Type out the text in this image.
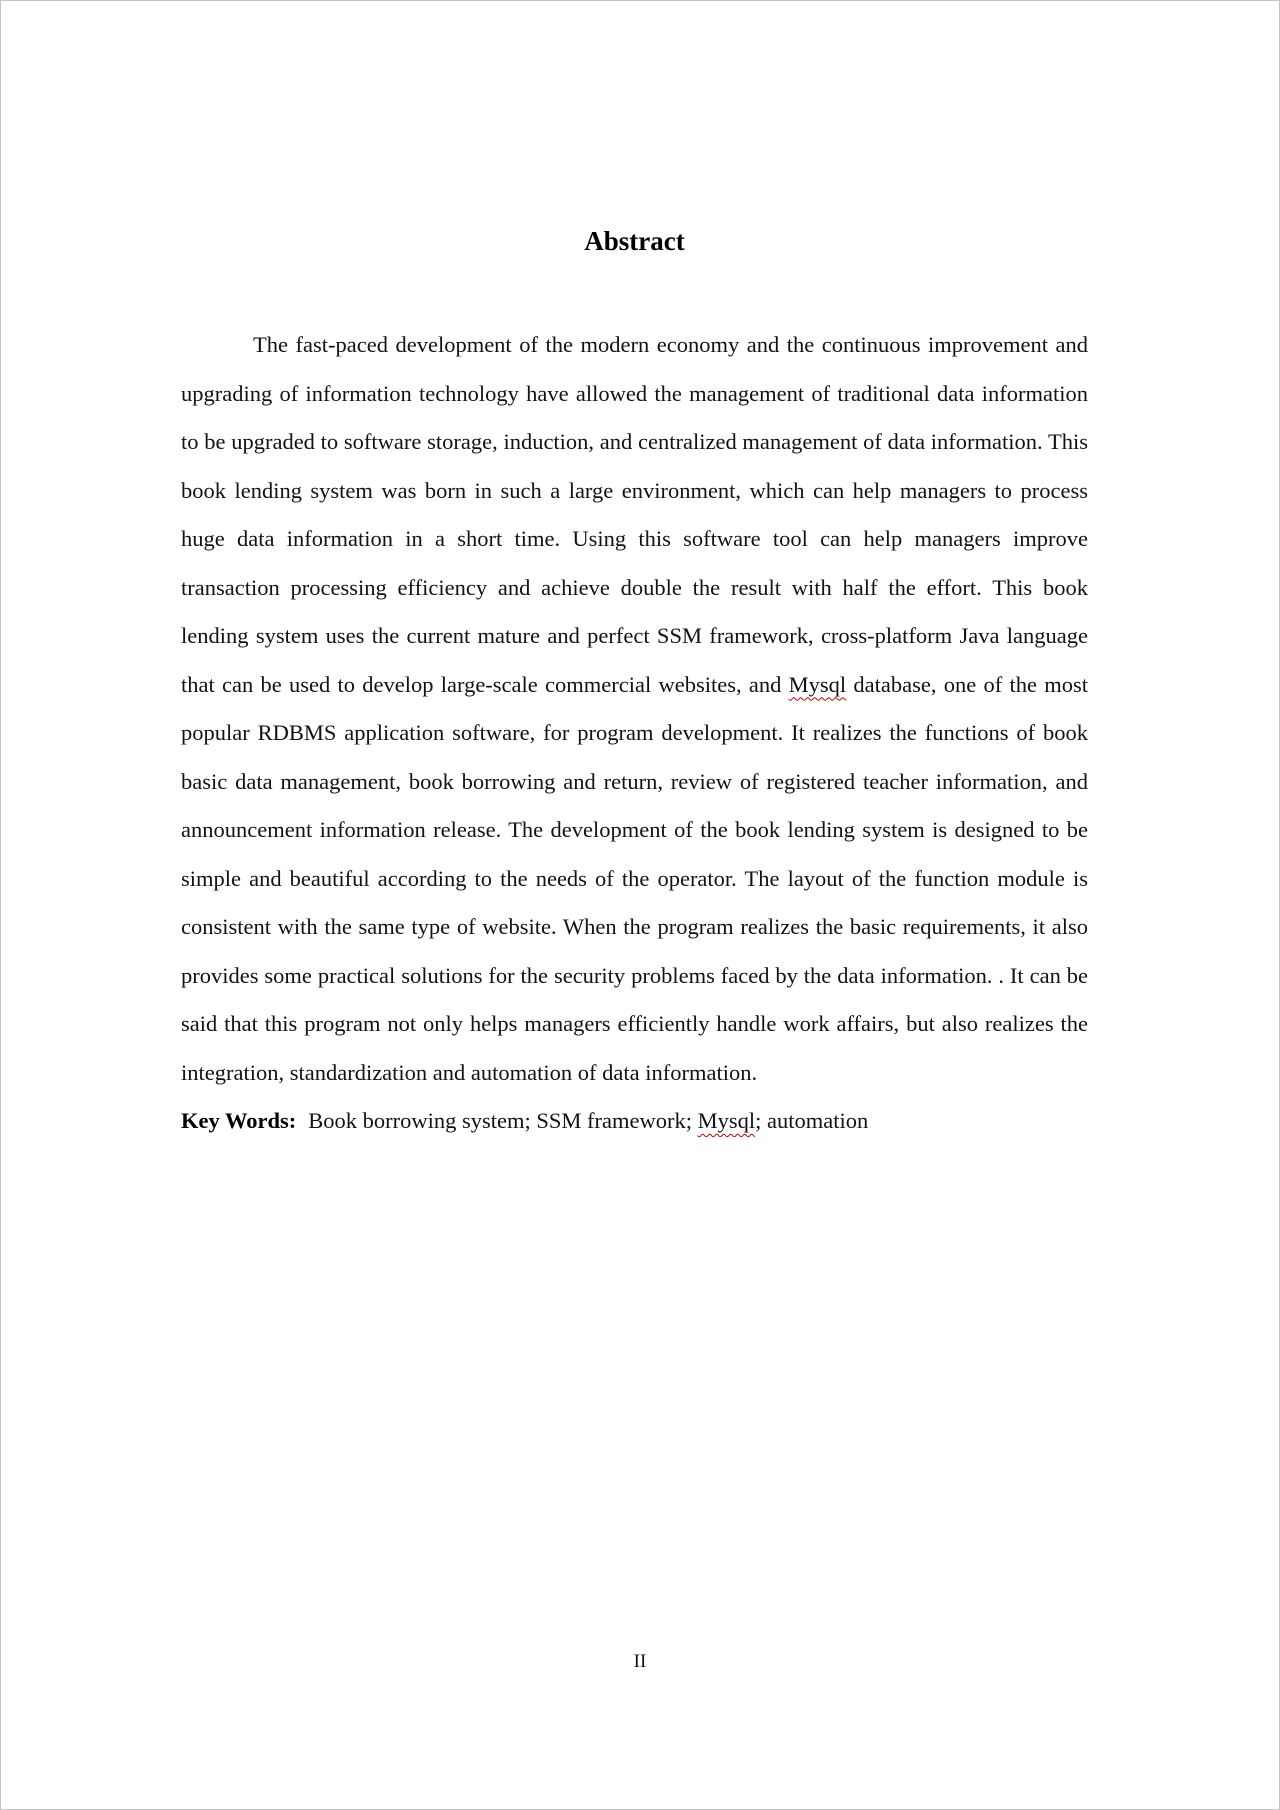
Abstract

The fast-paced development of the modern economy and the continuous improvement and upgrading of information technology have allowed the management of traditional data information to be upgraded to software storage, induction, and centralized management of data information. This book lending system was born in such a large environment, which can help managers to process huge data information in a short time. Using this software tool can help managers improve transaction processing efficiency and achieve double the result with half the effort. This book lending system uses the current mature and perfect SSM framework, cross-platform Java language that can be used to develop large-scale commercial websites, and Mysql database, one of the most popular RDBMS application software, for program development. It realizes the functions of book basic data management, book borrowing and return, review of registered teacher information, and announcement information release. The development of the book lending system is designed to be simple and beautiful according to the needs of the operator. The layout of the function module is consistent with the same type of website. When the program realizes the basic requirements, it also provides some practical solutions for the security problems faced by the data information. . It can be said that this program not only helps managers efficiently handle work affairs, but also realizes the integration, standardization and automation of data information.

Key Words: Book borrowing system; SSM framework; Mysql; automation

II
